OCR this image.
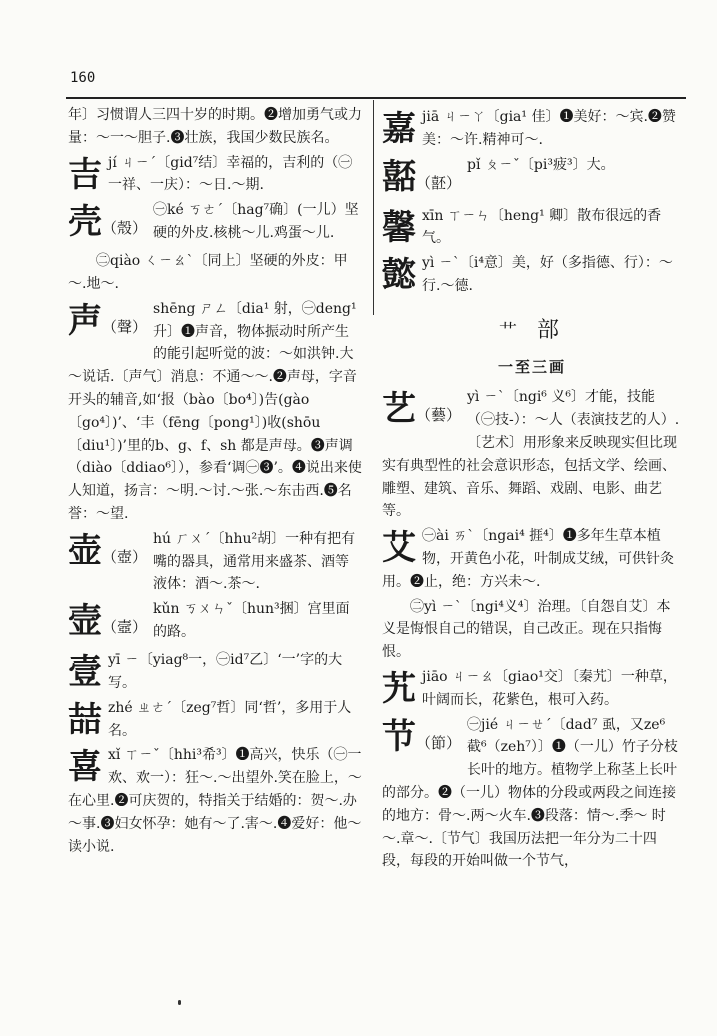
160

年〕习惯谓人三四十岁的时期。❷增加勇气或力量：～一～胆子.❸壮族，我国少数民族名。

吉jí ㄐㄧˊ〔gid⁷结〕幸福的，吉利的（㊀一祥、一庆）：～日.～期.
壳（殼）
㊀ké ㄎㄜˊ〔hag⁷确〕(一儿）坚硬的外皮.核桃～儿.鸡蛋～儿.
㊁qiào ㄑㄧㄠˋ〔同上〕坚硬的外皮：甲～.地～.
声（聲）
shēng ㄕㄥ〔dia¹ 射，㊀deng¹升〕❶声音，物体振动时所产生的能引起听觉的波：～如洪钟.大～说话.〔声气〕消息：不通～～.❷声母，字音开头的辅音,如‘报（bào〔bo⁴〕)告(gào〔go⁴〕)’、‘丰（fēng〔pong¹〕)收(shōu〔diu¹〕)’里的b、g、f、sh 都是声母。❸声调（diào〔ddiao⁶〕），参看‘调㊀❸’。❹说出来使人知道，扬言：～明.～讨.～张.～东击西.❺名誉：～望.
壶（壺）
hú ㄏㄨˊ〔hhu²胡〕一种有把有嘴的器具，通常用来盛茶、酒等液体：酒～.茶～.
壸（壼）
kǔn ㄎㄨㄣˇ〔hun³捆〕宫里面的路。
壹yī ㄧ〔yiag⁸一，㊀id⁷乙〕‘一’字的大写。
喆zhé ㄓㄜˊ〔zeg⁷哲〕同‘哲’，多用于人名。
喜xǐ ㄒㄧˇ〔hhi³希³〕❶高兴，快乐（㊀一欢、欢一）：狂～.～出望外.笑在脸上，～在心里.❷可庆贺的，特指关于结婚的：贺～.办～事.❸妇女怀孕：她有～了.害～.❹爱好：他～读小说.
嘉jiā ㄐㄧㄚ〔gia¹ 佳〕❶美好：～宾.❷赞美：～许.精神可～.
嚭（噽）
pǐ ㄆㄧˇ〔pi³疲³〕大。
馨xīn ㄒㄧㄣ〔heng¹ 卿〕散布很远的香气。
懿yì ㄧˋ〔i⁴意〕美，好（多指德、行）：～行.～德.
艹 部
一至三画
艺（藝）
yì ㄧˋ〔ngi⁶ 义⁶〕才能，技能（㊀技-）：～人（表演技艺的人）.〔艺术〕用形象来反映现实但比现实有典型性的社会意识形态，包括文学、绘画、雕塑、建筑、音乐、舞蹈、戏剧、电影、曲艺等。
艾 ㊀ài ㄞˋ〔ngai⁴ 捱⁴〕❶多年生草本植物，开黄色小花，叶制成艾绒，可供针灸用。❷止，绝：方兴未～.
㊁yì ㄧˋ〔ngi⁴义⁴〕治理。〔自怨自艾〕本义是悔恨自己的错误，自己改正。现在只指悔恨。
艽jiāo ㄐㄧㄠ〔giao¹交〕〔秦艽〕一种草，叶阔而长，花紫色，根可入药。
节（節）
㊀jié ㄐㄧㄝˊ〔dad⁷ 虱，又ze⁶ 截⁶（zeh⁷）〕❶（一儿）竹子分枝长叶的地方。植物学上称茎上长叶的部分。❷（一儿）物体的分段或两段之间连接的地方：骨～.两～火车.❸段落：情～.季～ 时～.章～.〔节气〕我国历法把一年分为二十四段，每段的开始叫做一个节气，
